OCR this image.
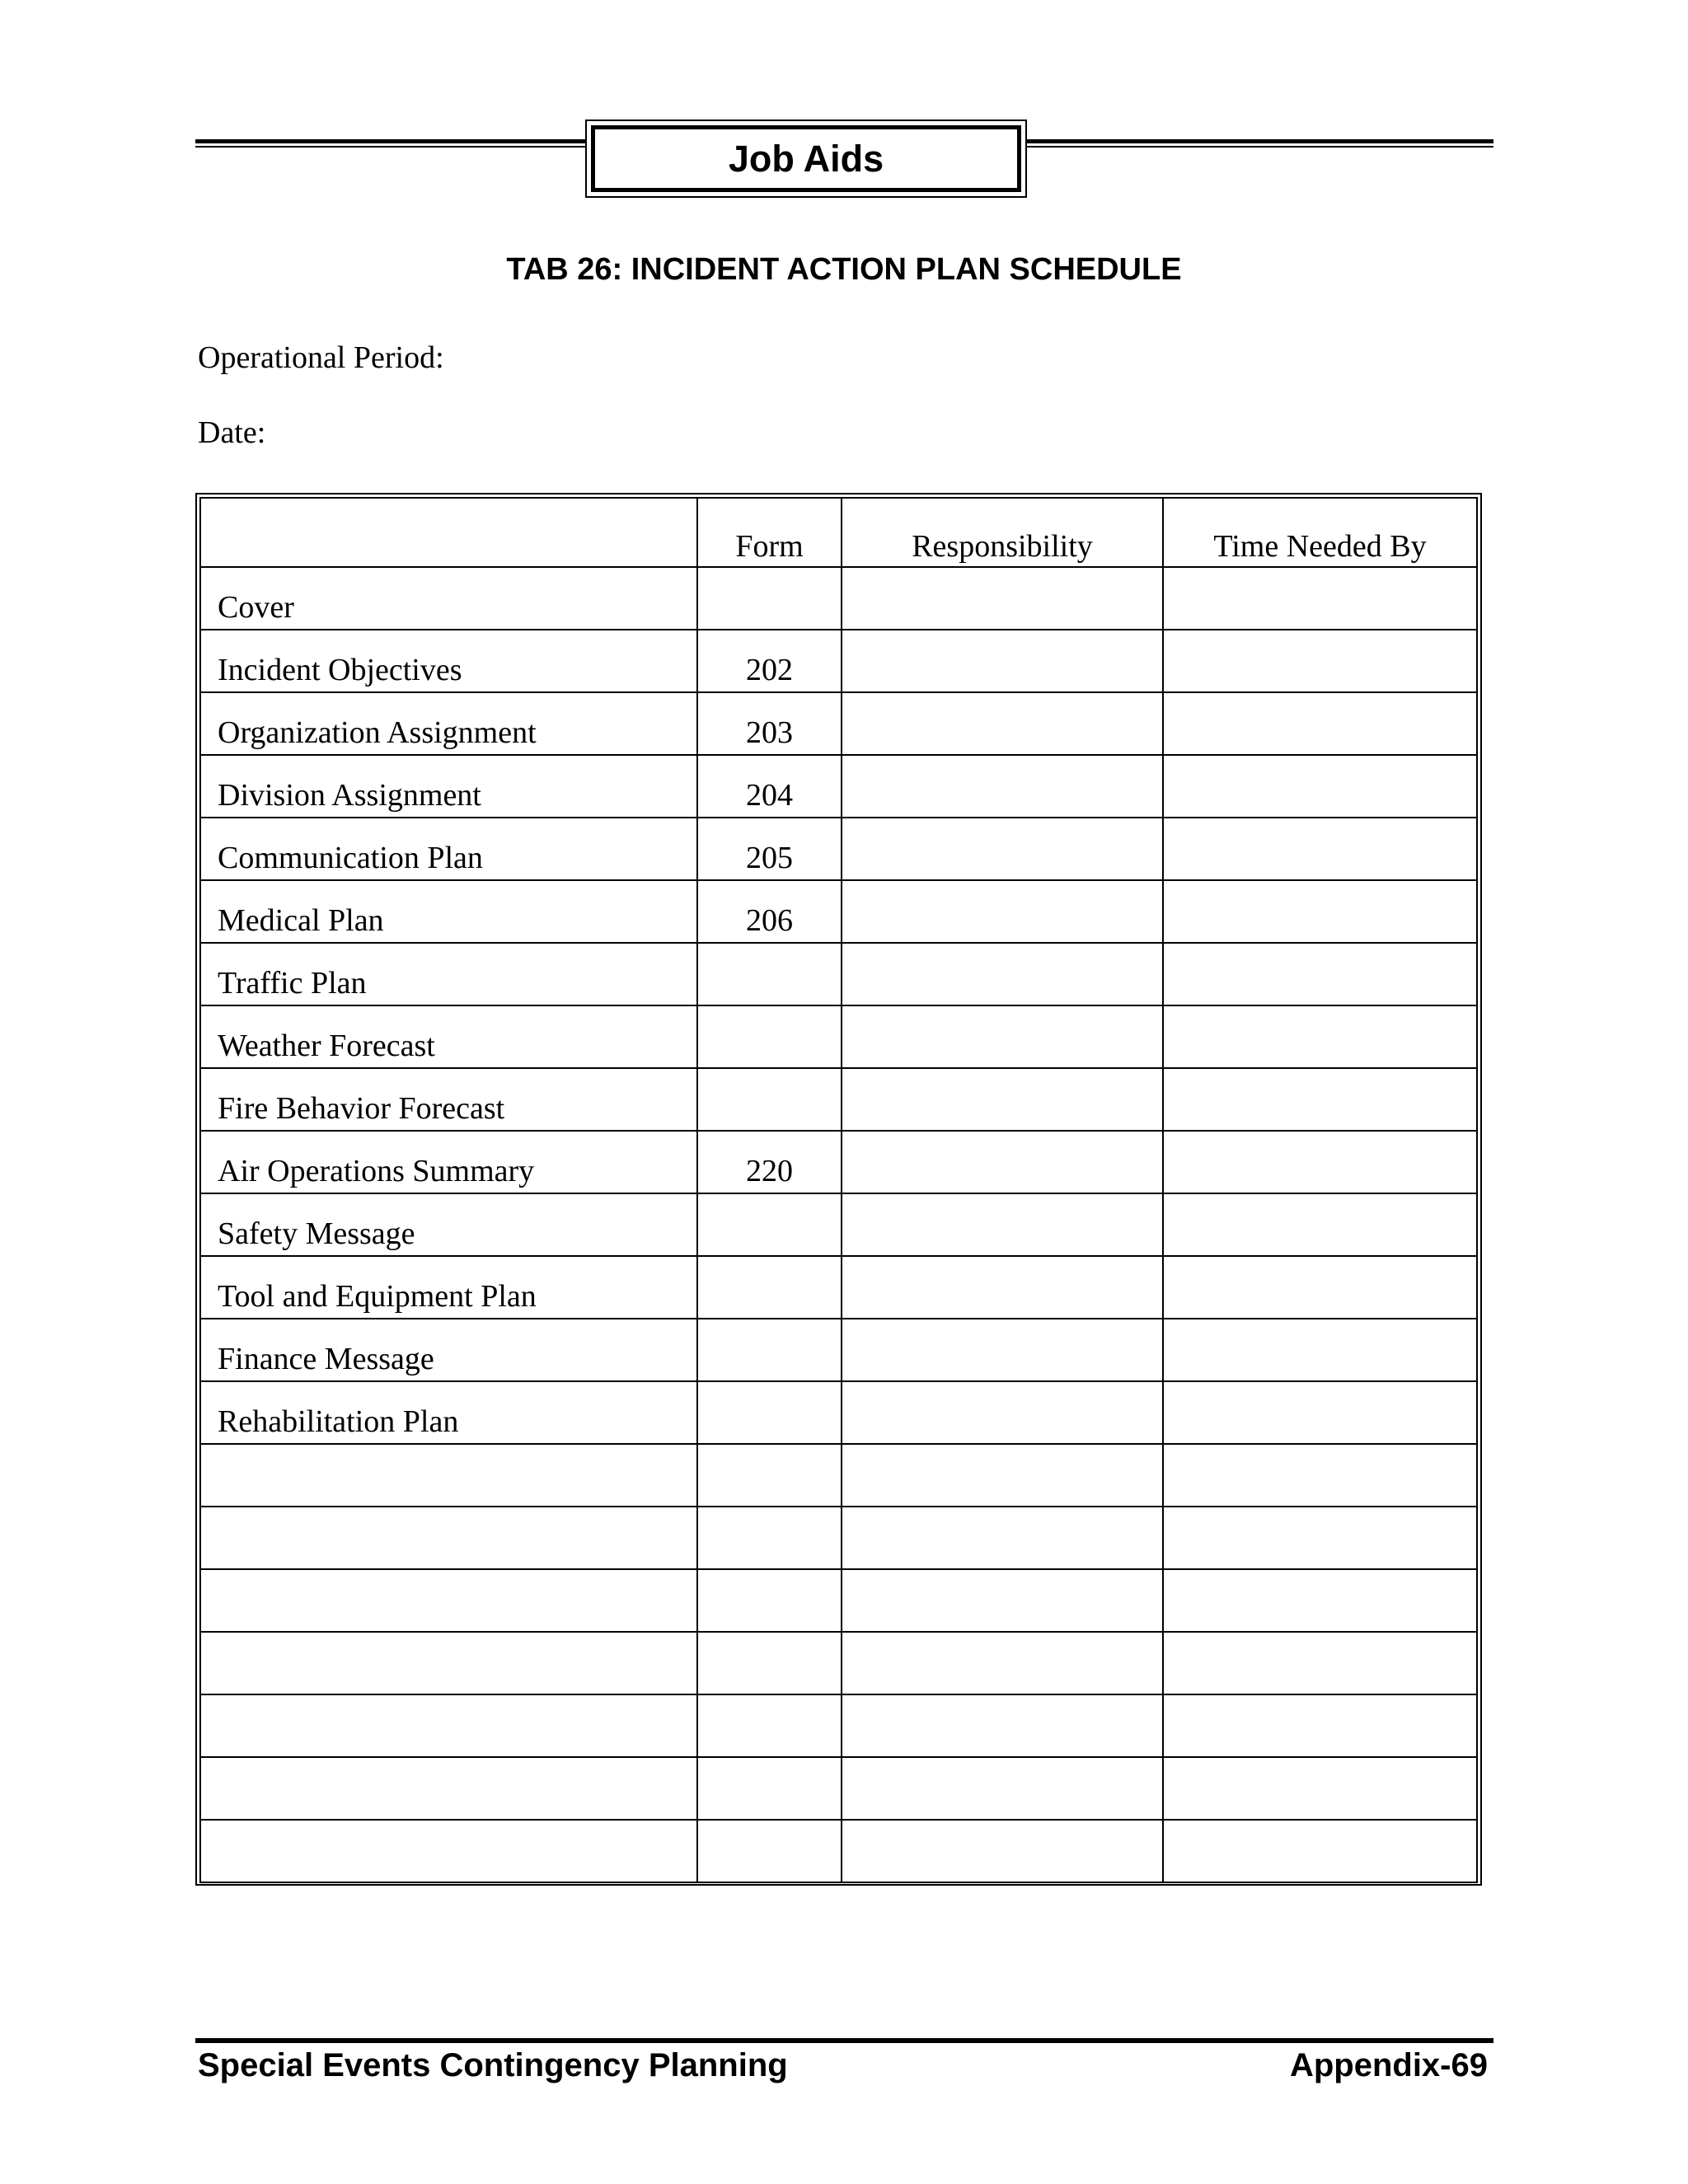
Job Aids
TAB 26: INCIDENT ACTION PLAN SCHEDULE
Operational Period:
Date:
	Form	Responsibility	Time Needed By
Cover			
Incident Objectives	202		
Organization Assignment	203		
Division Assignment	204		
Communication Plan	205		
Medical Plan	206		
Traffic Plan			
Weather Forecast			
Fire Behavior Forecast			
Air Operations Summary	220		
Safety Message			
Tool and Equipment Plan			
Finance Message			
Rehabilitation Plan			

Special Events Contingency Planning	Appendix-69
